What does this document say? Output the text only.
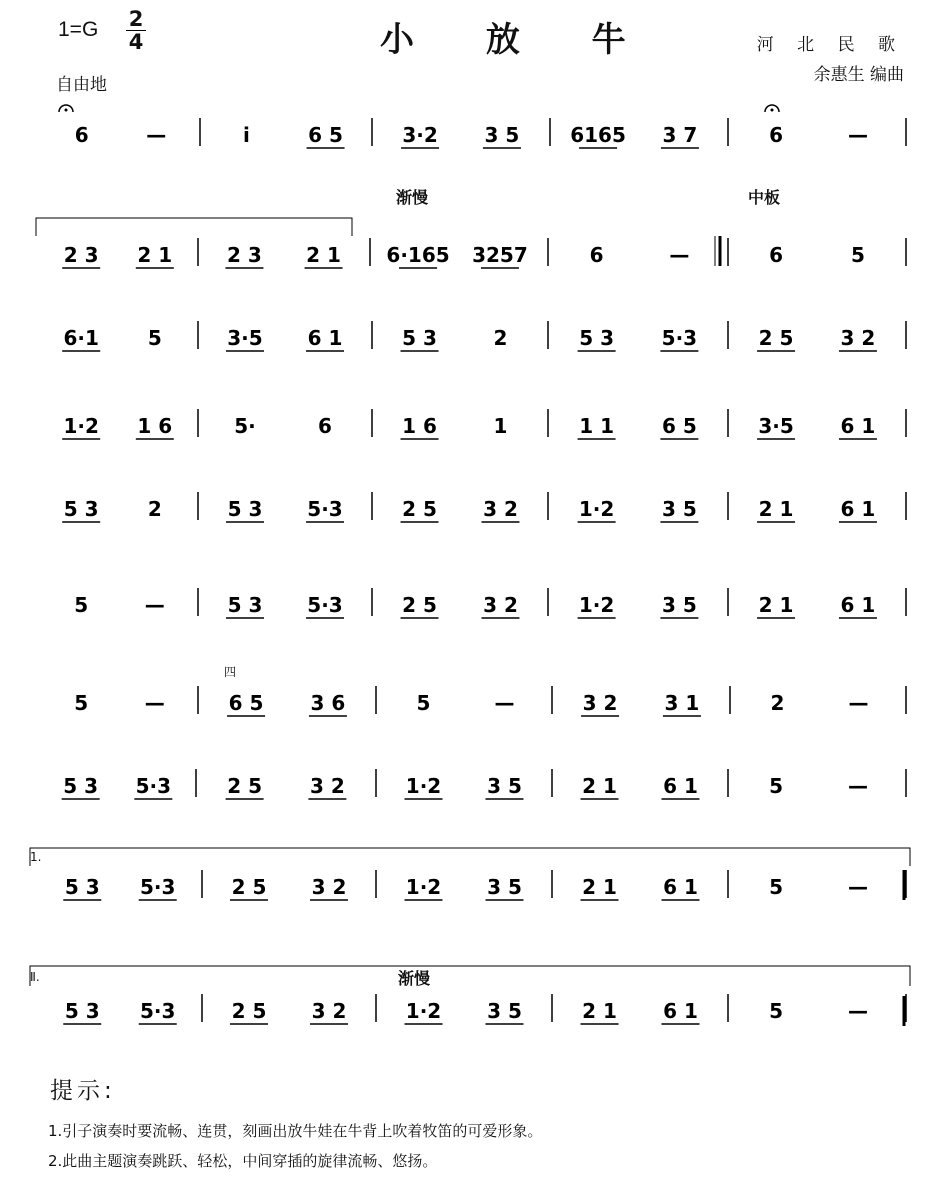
1=G 2
4	小 放 牛	河 北 民 歌
余惠生 编曲
自由地
渐慢	中板
渐慢
1.
Ⅱ.
四
6	—	i	6 5	3·2 3 5	6165 3 7	6	—
2 3 2 1	2 3 2 1 6·165 3257	6	—	6	5
6·1 5	3·5 6 1	5 3	2	5 3 5·3	2 5 3 2
1·2 1 6	5·	6	1 6	1	1 1 6 5	3·5 6 1
5 3 2	5 3 5·3	2 5 3 2	1·2 3 5	2 1 6 1
5	—	5 3 5·3	2 5 3 2	1·2 3 5	2 1 6 1
5	—	6 5 3 6	5	—	3 2 3 1	2	—
5 3 5·3	2 5 3 2	1·2 3 5	2 1 6 1	5	—
5 3 5·3	2 5 3 2	1·2 3 5	2 1 6 1	5	—
5 3 5·3	2 5 3 2	1·2 3 5	2 1 6 1	5	—
提示:
1.引子演奏时要流畅、连贯，刻画出放牛娃在牛背上吹着牧笛的可爱形象。
2.此曲主题演奏跳跃、轻松，中间穿插的旋律流畅、悠扬。
